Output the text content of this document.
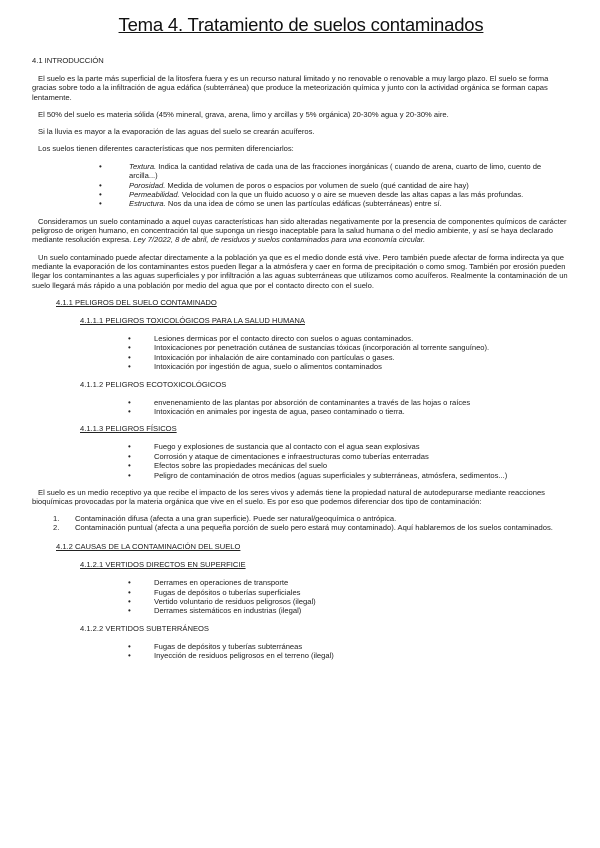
Tema 4. Tratamiento de suelos contaminados
4.1 INTRODUCCIÓN

El suelo es la parte más superficial de la litosfera fuera y es un recurso natural limitado y no renovable o renovable a muy largo plazo. El suelo se forma gracias sobre todo a la infiltración de agua edáfica (subterránea) que produce la meteorización química y junto con la actividad orgánica se forman capas lentamente.

El 50% del suelo es materia sólida (45% mineral, grava, arena, limo y arcillas y 5% orgánica) 20-30% agua y 20-30% aire.

Si la lluvia es mayor a la evaporación de las aguas del suelo se crearán acuíferos.

Los suelos tienen diferentes características que nos permiten diferenciarlos:

• Textura. Indica la cantidad relativa de cada una de las fracciones inorgánicas ( cuando de arena, cuarto de limo, cuento de arcilla...)
• Porosidad. Medida de volumen de poros o espacios por volumen de suelo (qué cantidad de aire hay)
• Permeabilidad. Velocidad con la que un fluido acuoso y o aire se mueven desde las altas capas a las más profundas.
• Estructura. Nos da una idea de cómo se unen las partículas edáficas (subterráneas) entre sí.

Consideramos un suelo contaminado a aquel cuyas características han sido alteradas negativamente por la presencia de componentes químicos de carácter peligroso de origen humano, en concentración tal que suponga un riesgo inaceptable para la salud humana o del medio ambiente, y así se haya declarado mediante resolución expresa. Ley 7/2022, 8 de abril, de residuos y suelos contaminados para una economía circular.

Un suelo contaminado puede afectar directamente a la población ya que es el medio donde está vive. Pero también puede afectar de forma indirecta ya que mediante la evaporación de los contaminantes estos pueden llegar a la atmósfera y caer en forma de precipitación o como smog. También por erosión pueden llegar los contaminantes a las aguas superficiales y por infiltración a las aguas subterráneas que utilizamos como acuíferos. Realmente la contaminación de un suelo llegará más rápido a una población por medio del agua que por el contacto directo con el suelo.

4.1.1 PELIGROS DEL SUELO CONTAMINADO
4.1.1.1 PELIGROS TOXICOLÓGICOS PARA LA SALUD HUMANA
• Lesiones dermicas por el contacto directo con suelos o aguas contaminados.
• Intoxicaciones por penetración cutánea de sustancias tóxicas (incorporación al torrente sanguíneo).
• Intoxicación por inhalación de aire contaminado con partículas o gases.
• Intoxicación por ingestión de agua, suelo o alimentos contaminados
4.1.1.2 PELIGROS ECOTOXICOLÓGICOS
• envenenamiento de las plantas por absorción de contaminantes a través de las hojas o raíces
• Intoxicación en animales por ingesta de agua, paseo contaminado o tierra.
4.1.1.3 PELIGROS FÍSICOS
• Fuego y explosiones de sustancia que al contacto con el agua sean explosivas
• Corrosión y ataque de cimentaciones e infraestructuras como tuberías enterradas
• Efectos sobre las propiedades mecánicas del suelo
• Peligro de contaminación de otros medios (aguas superficiales y subterráneas, atmósfera, sedimentos...)

El suelo es un medio receptivo ya que recibe el impacto de los seres vivos y además tiene la propiedad natural de autodepurarse mediante reacciones bioquímicas provocadas por la materia orgánica que vive en el suelo. Es por eso que podemos diferenciar dos tipo de contaminación:

1. Contaminación difusa (afecta a una gran superficie). Puede ser natural/geoquímica o antrópica.
2. Contaminación puntual (afecta a una pequeña porción de suelo pero estará muy contaminado). Aquí hablaremos de los suelos contaminados.
4.1.2 CAUSAS DE LA CONTAMINACIÓN DEL SUELO
4.1.2.1 VERTIDOS DIRECTOS EN SUPERFICIE
• Derrames en operaciones de transporte
• Fugas de depósitos o tuberías superficiales
• Vertido voluntario de residuos peligrosos (ilegal)
• Derrames sistemáticos en industrias (ilegal)
4.1.2.2 VERTIDOS SUBTERRÁNEOS
• Fugas de depósitos y tuberías subterráneas
• Inyección de residuos peligrosos en el terreno (ilegal)
